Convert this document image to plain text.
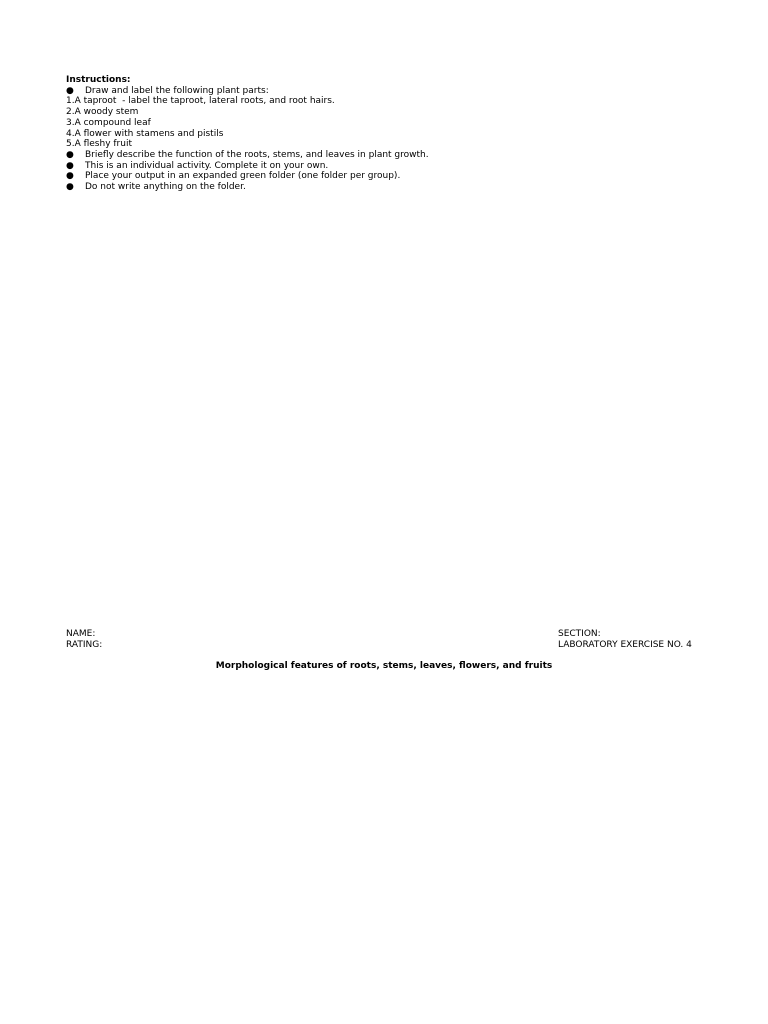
Instructions:
●	Draw and label the following plant parts:
1.A taproot  - label the taproot, lateral roots, and root hairs.
2.A woody stem
3.A compound leaf
4.A flower with stamens and pistils
5.A fleshy fruit
●	Briefly describe the function of the roots, stems, and leaves in plant growth.
●	This is an individual activity. Complete it on your own.
●	Place your output in an expanded green folder (one folder per group).
●	Do not write anything on the folder.
NAME:
RATING:
SECTION:
LABORATORY EXERCISE NO. 4
Morphological features of roots, stems, leaves, flowers, and fruits
